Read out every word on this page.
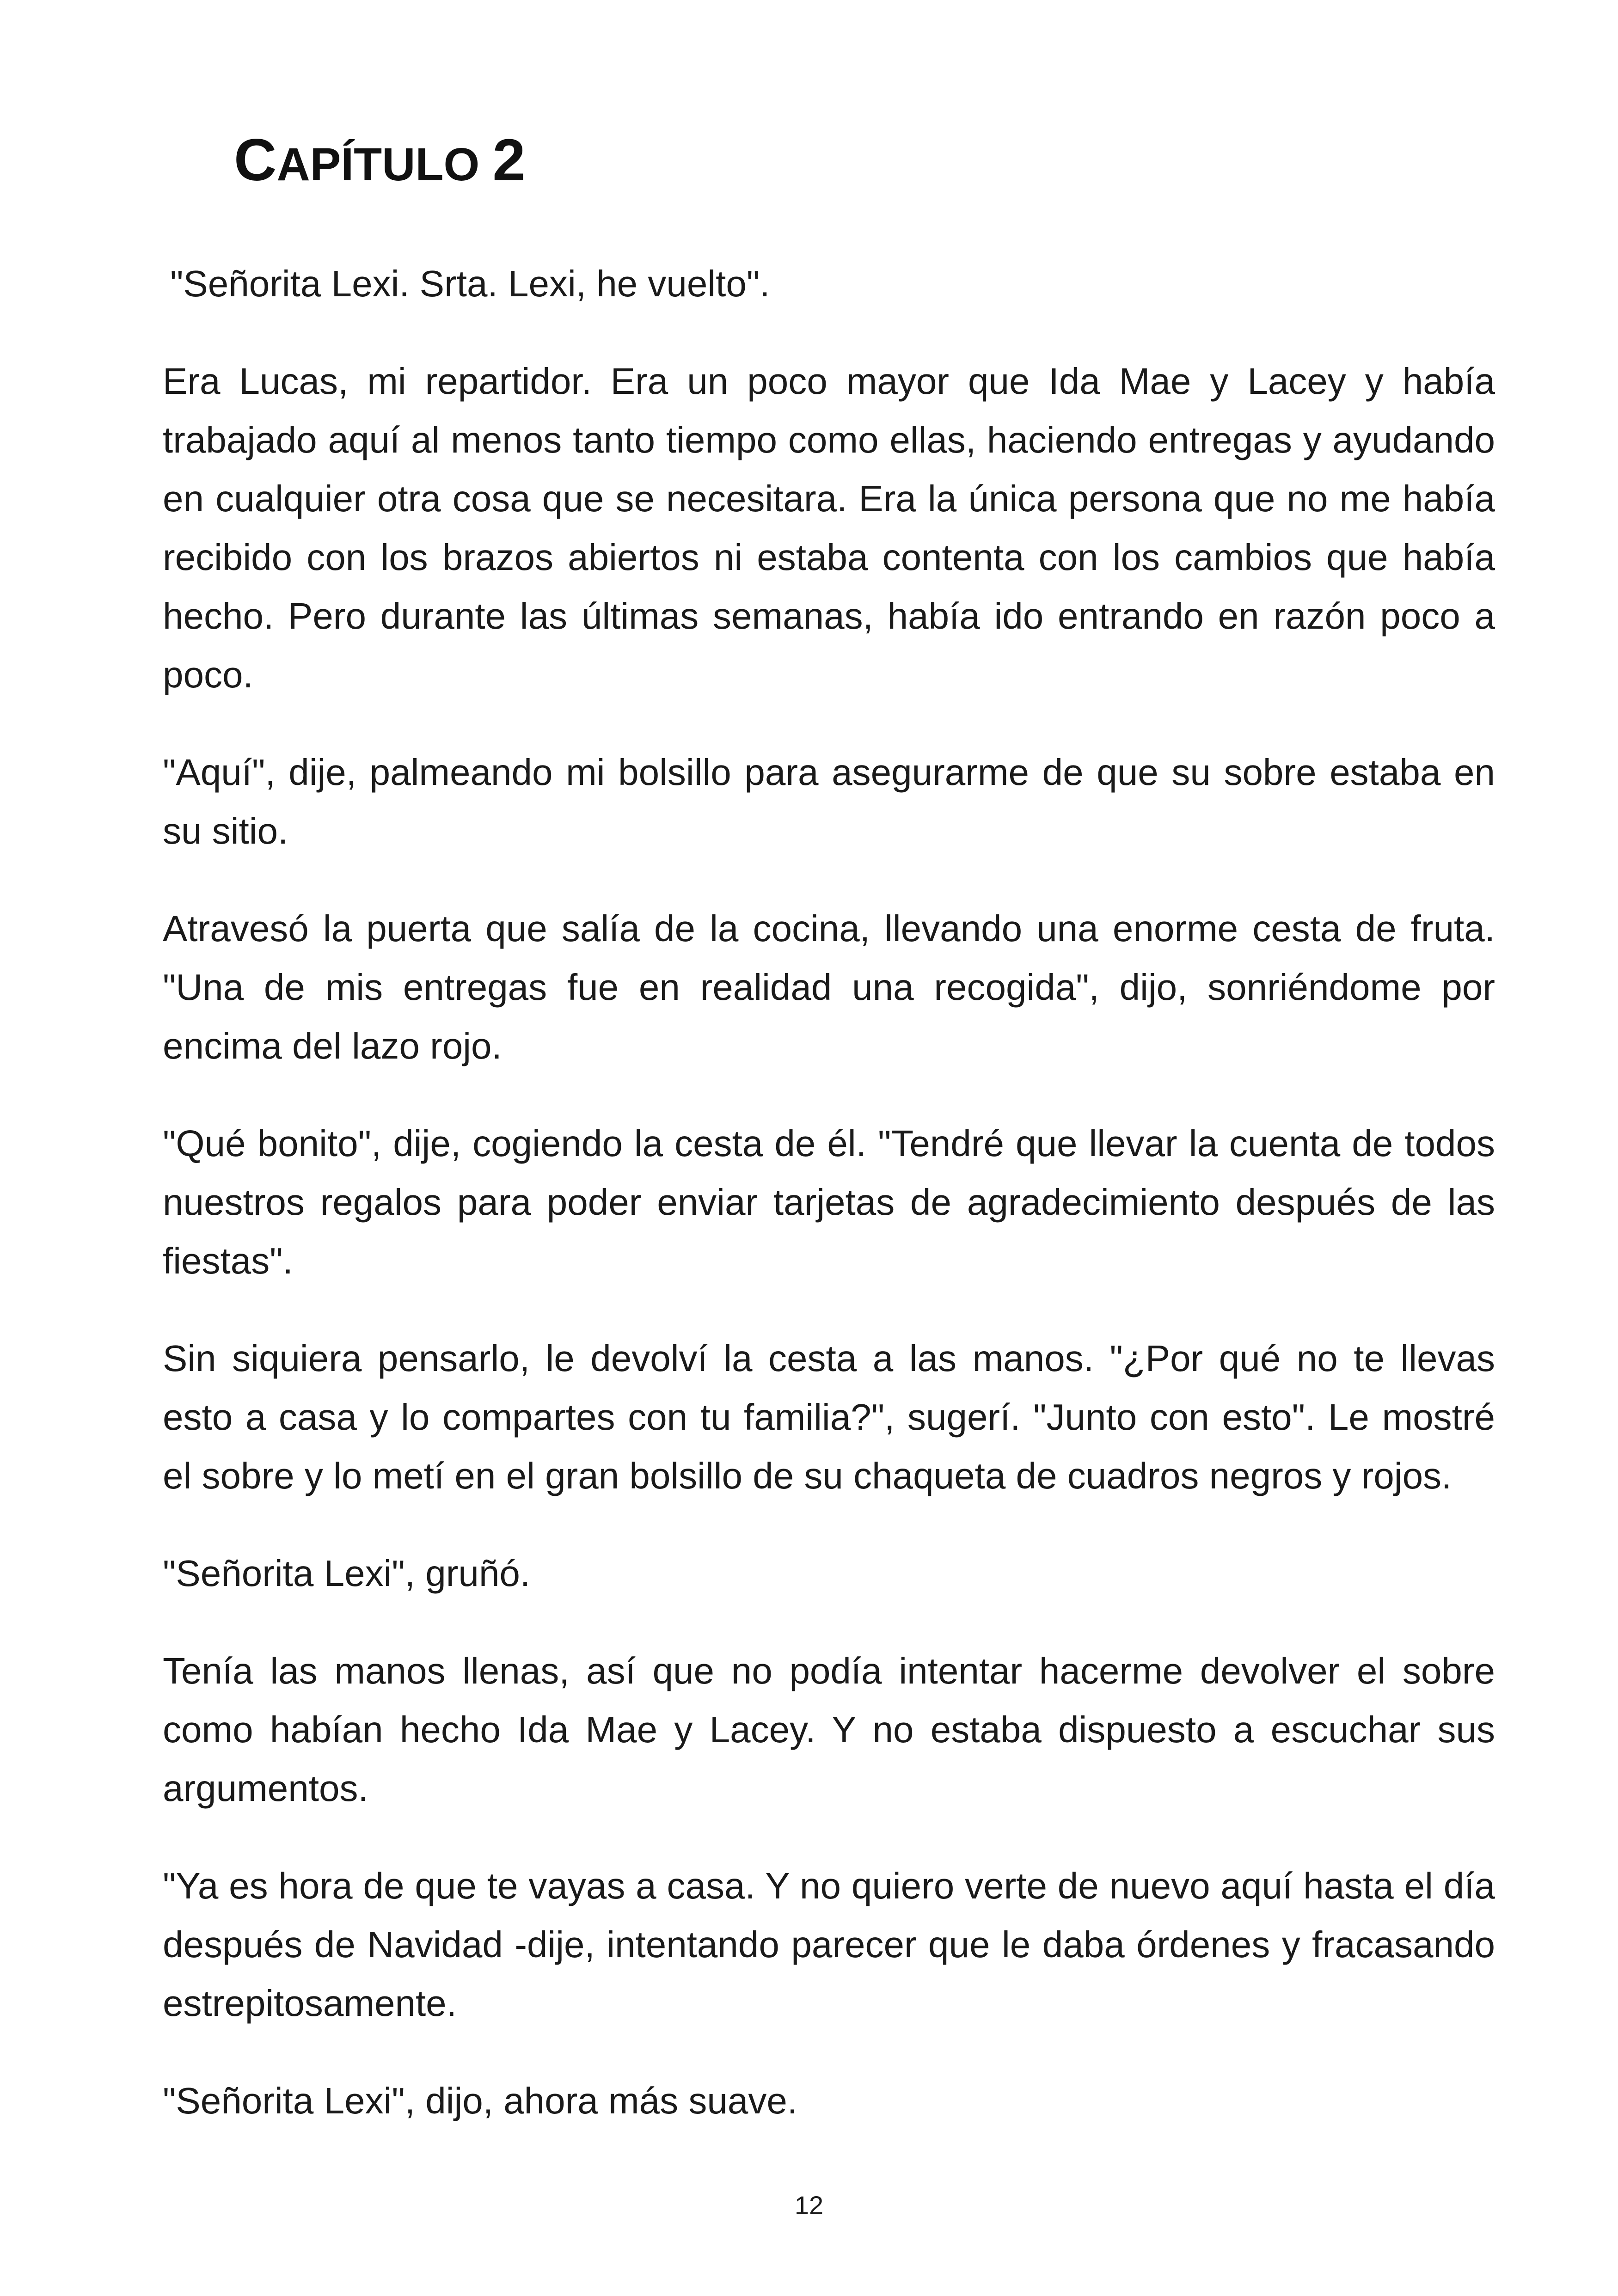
CAPÍTULO 2

"Señorita Lexi. Srta. Lexi, he vuelto".

Era Lucas, mi repartidor. Era un poco mayor que Ida Mae y Lacey y había trabajado aquí al menos tanto tiempo como ellas, haciendo entregas y ayudando en cualquier otra cosa que se necesitara. Era la única persona que no me había recibido con los brazos abiertos ni estaba contenta con los cambios que había hecho. Pero durante las últimas semanas, había ido entrando en razón poco a poco.

"Aquí", dije, palmeando mi bolsillo para asegurarme de que su sobre estaba en su sitio.

Atravesó la puerta que salía de la cocina, llevando una enorme cesta de fruta. "Una de mis entregas fue en realidad una recogida", dijo, sonriéndome por encima del lazo rojo.

"Qué bonito", dije, cogiendo la cesta de él. "Tendré que llevar la cuenta de todos nuestros regalos para poder enviar tarjetas de agradecimiento después de las fiestas".

Sin siquiera pensarlo, le devolví la cesta a las manos. "¿Por qué no te llevas esto a casa y lo compartes con tu familia?", sugerí. "Junto con esto". Le mostré el sobre y lo metí en el gran bolsillo de su chaqueta de cuadros negros y rojos.

"Señorita Lexi", gruñó.

Tenía las manos llenas, así que no podía intentar hacerme devolver el sobre como habían hecho Ida Mae y Lacey. Y no estaba dispuesto a escuchar sus argumentos.

"Ya es hora de que te vayas a casa. Y no quiero verte de nuevo aquí hasta el día después de Navidad -dije, intentando parecer que le daba órdenes y fracasando estrepitosamente.

"Señorita Lexi", dijo, ahora más suave.

12
